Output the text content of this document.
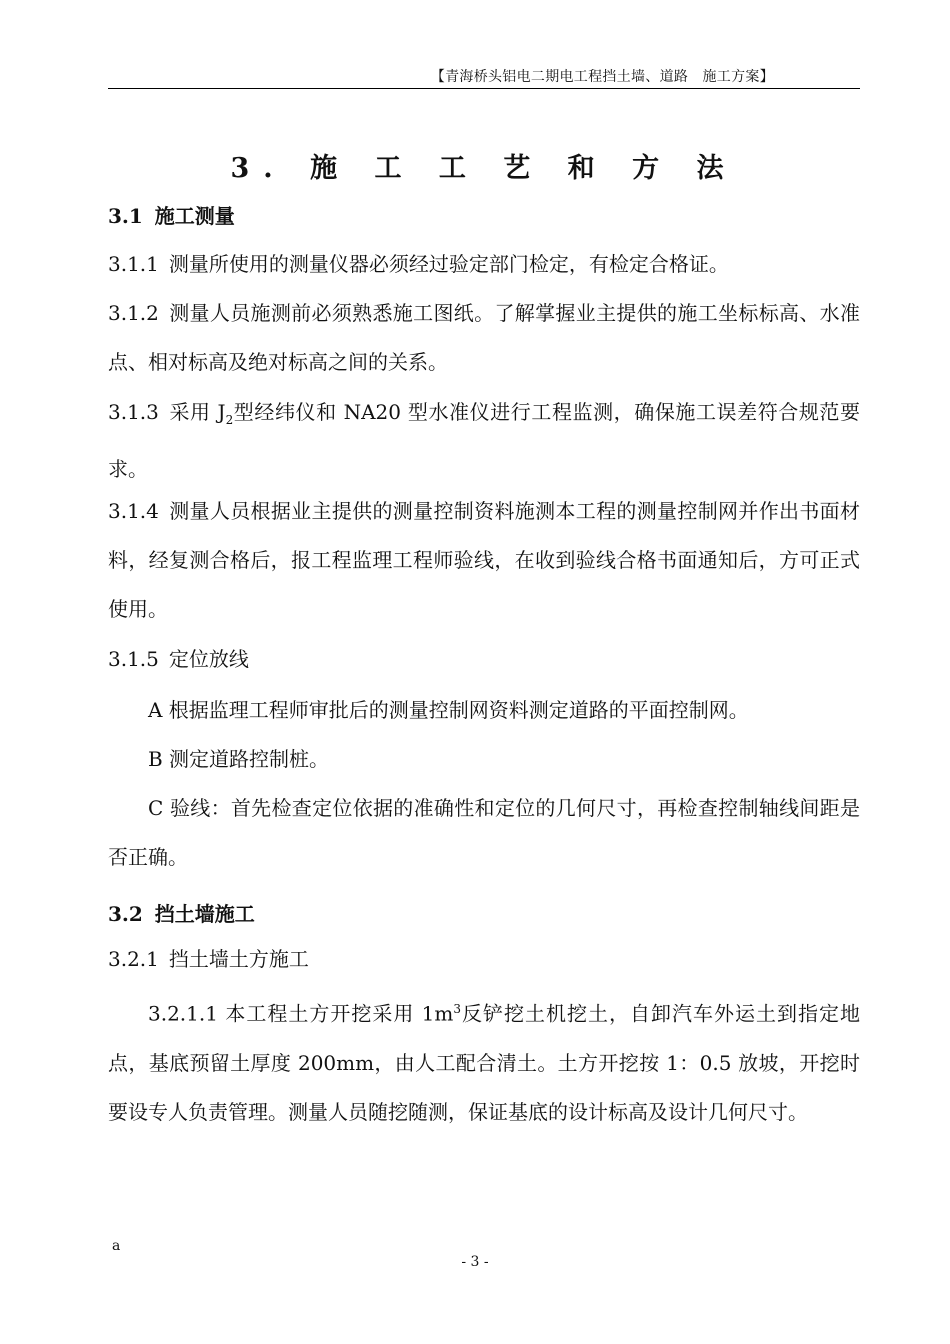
【青海桥头铝电二期电工程挡土墙、道路　施工方案】
3. 施 工 工 艺 和 方 法
3.1 施工测量
3.1.1 测量所使用的测量仪器必须经过验定部门检定，有检定合格证。
3.1.2 测量人员施测前必须熟悉施工图纸。了解掌握业主提供的施工坐标标高、水准点、相对标高及绝对标高之间的关系。
3.1.3 采用 $J_2$型经纬仪和 NA20 型水准仪进行工程监测，确保施工误差符合规范要求。
3.1.4 测量人员根据业主提供的测量控制资料施测本工程的测量控制网并作出书面材料，经复测合格后，报工程监理工程师验线，在收到验线合格书面通知后，方可正式使用。
3.1.5 定位放线
A 根据监理工程师审批后的测量控制网资料测定道路的平面控制网。
B 测定道路控制桩。
C 验线：首先检查定位依据的准确性和定位的几何尺寸，再检查控制轴线间距是否正确。
3.2 挡土墙施工
3.2.1 挡土墙土方施工
3.2.1.1 本工程土方开挖采用 $1m^3$反铲挖土机挖土，自卸汽车外运土到指定地点，基底预留土厚度 200mm，由人工配合清土。土方开挖按 1：0.5 放坡，开挖时要设专人负责管理。测量人员随挖随测，保证基底的设计标高及设计几何尺寸。
a
- 3 -
